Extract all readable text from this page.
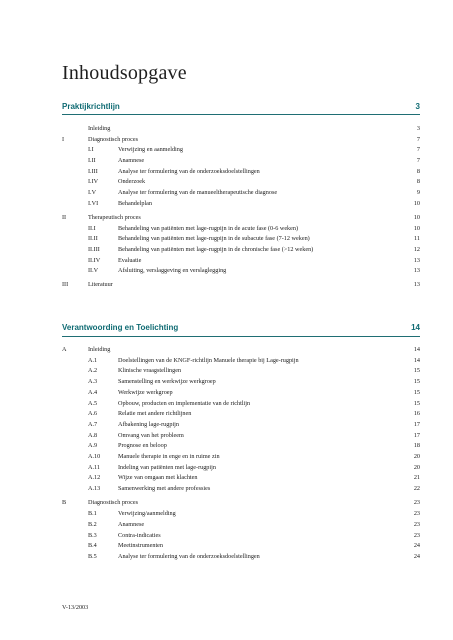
Inhoudsopgave
Praktijkrichtlijn	3
Inleiding	3
I	Diagnostisch proces	7
I.I	Verwijzing en aanmelding	7
I.II	Anamnese	7
I.III	Analyse ter formulering van de onderzoeksdoelstellingen	8
I.IV	Onderzoek	8
I.V	Analyse ter formulering van de manueeltherapeutische diagnose	9
I.VI	Behandelplan	10
II	Therapeutisch proces	10
II.I	Behandeling van patiënten met lage-rugpijn in de acute fase (0-6 weken)	10
II.II	Behandeling van patiënten met lage-rugpijn in de subacute fase (7-12 weken)	11
II.III	Behandeling van patiënten met lage-rugpijn in de chronische fase (>12 weken)	12
II.IV	Evaluatie	13
II.V	Afsluiting, verslaggeving en verslaglegging	13
III	Literatuur	13
Verantwoording en Toelichting	14
A	Inleiding	14
A.1	Doelstellingen van de KNGF-richtlijn Manuele therapie bij Lage-rugpijn	14
A.2	Klinische vraagstellingen	15
A.3	Samenstelling en werkwijze werkgroep	15
A.4	Werkwijze werkgroep	15
A.5	Opbouw, producten en implementatie van de richtlijn	15
A.6	Relatie met andere richtlijnen	16
A.7	Afbakening lage-rugpijn	17
A.8	Omvang van het probleem	17
A.9	Prognose en beloop	18
A.10	Manuele therapie in enge en in ruime zin	20
A.11	Indeling van patiënten met lage-rugpijn	20
A.12	Wijze van omgaan met klachten	21
A.13	Samenwerking met andere professies	22
B	Diagnostisch proces	23
B.1	Verwijzing/aanmelding	23
B.2	Anamnese	23
B.3	Contra-indicaties	23
B.4	Meetinstrumenten	24
B.5	Analyse ter formulering van de onderzoeksdoelstellingen	24
V-13/2003
